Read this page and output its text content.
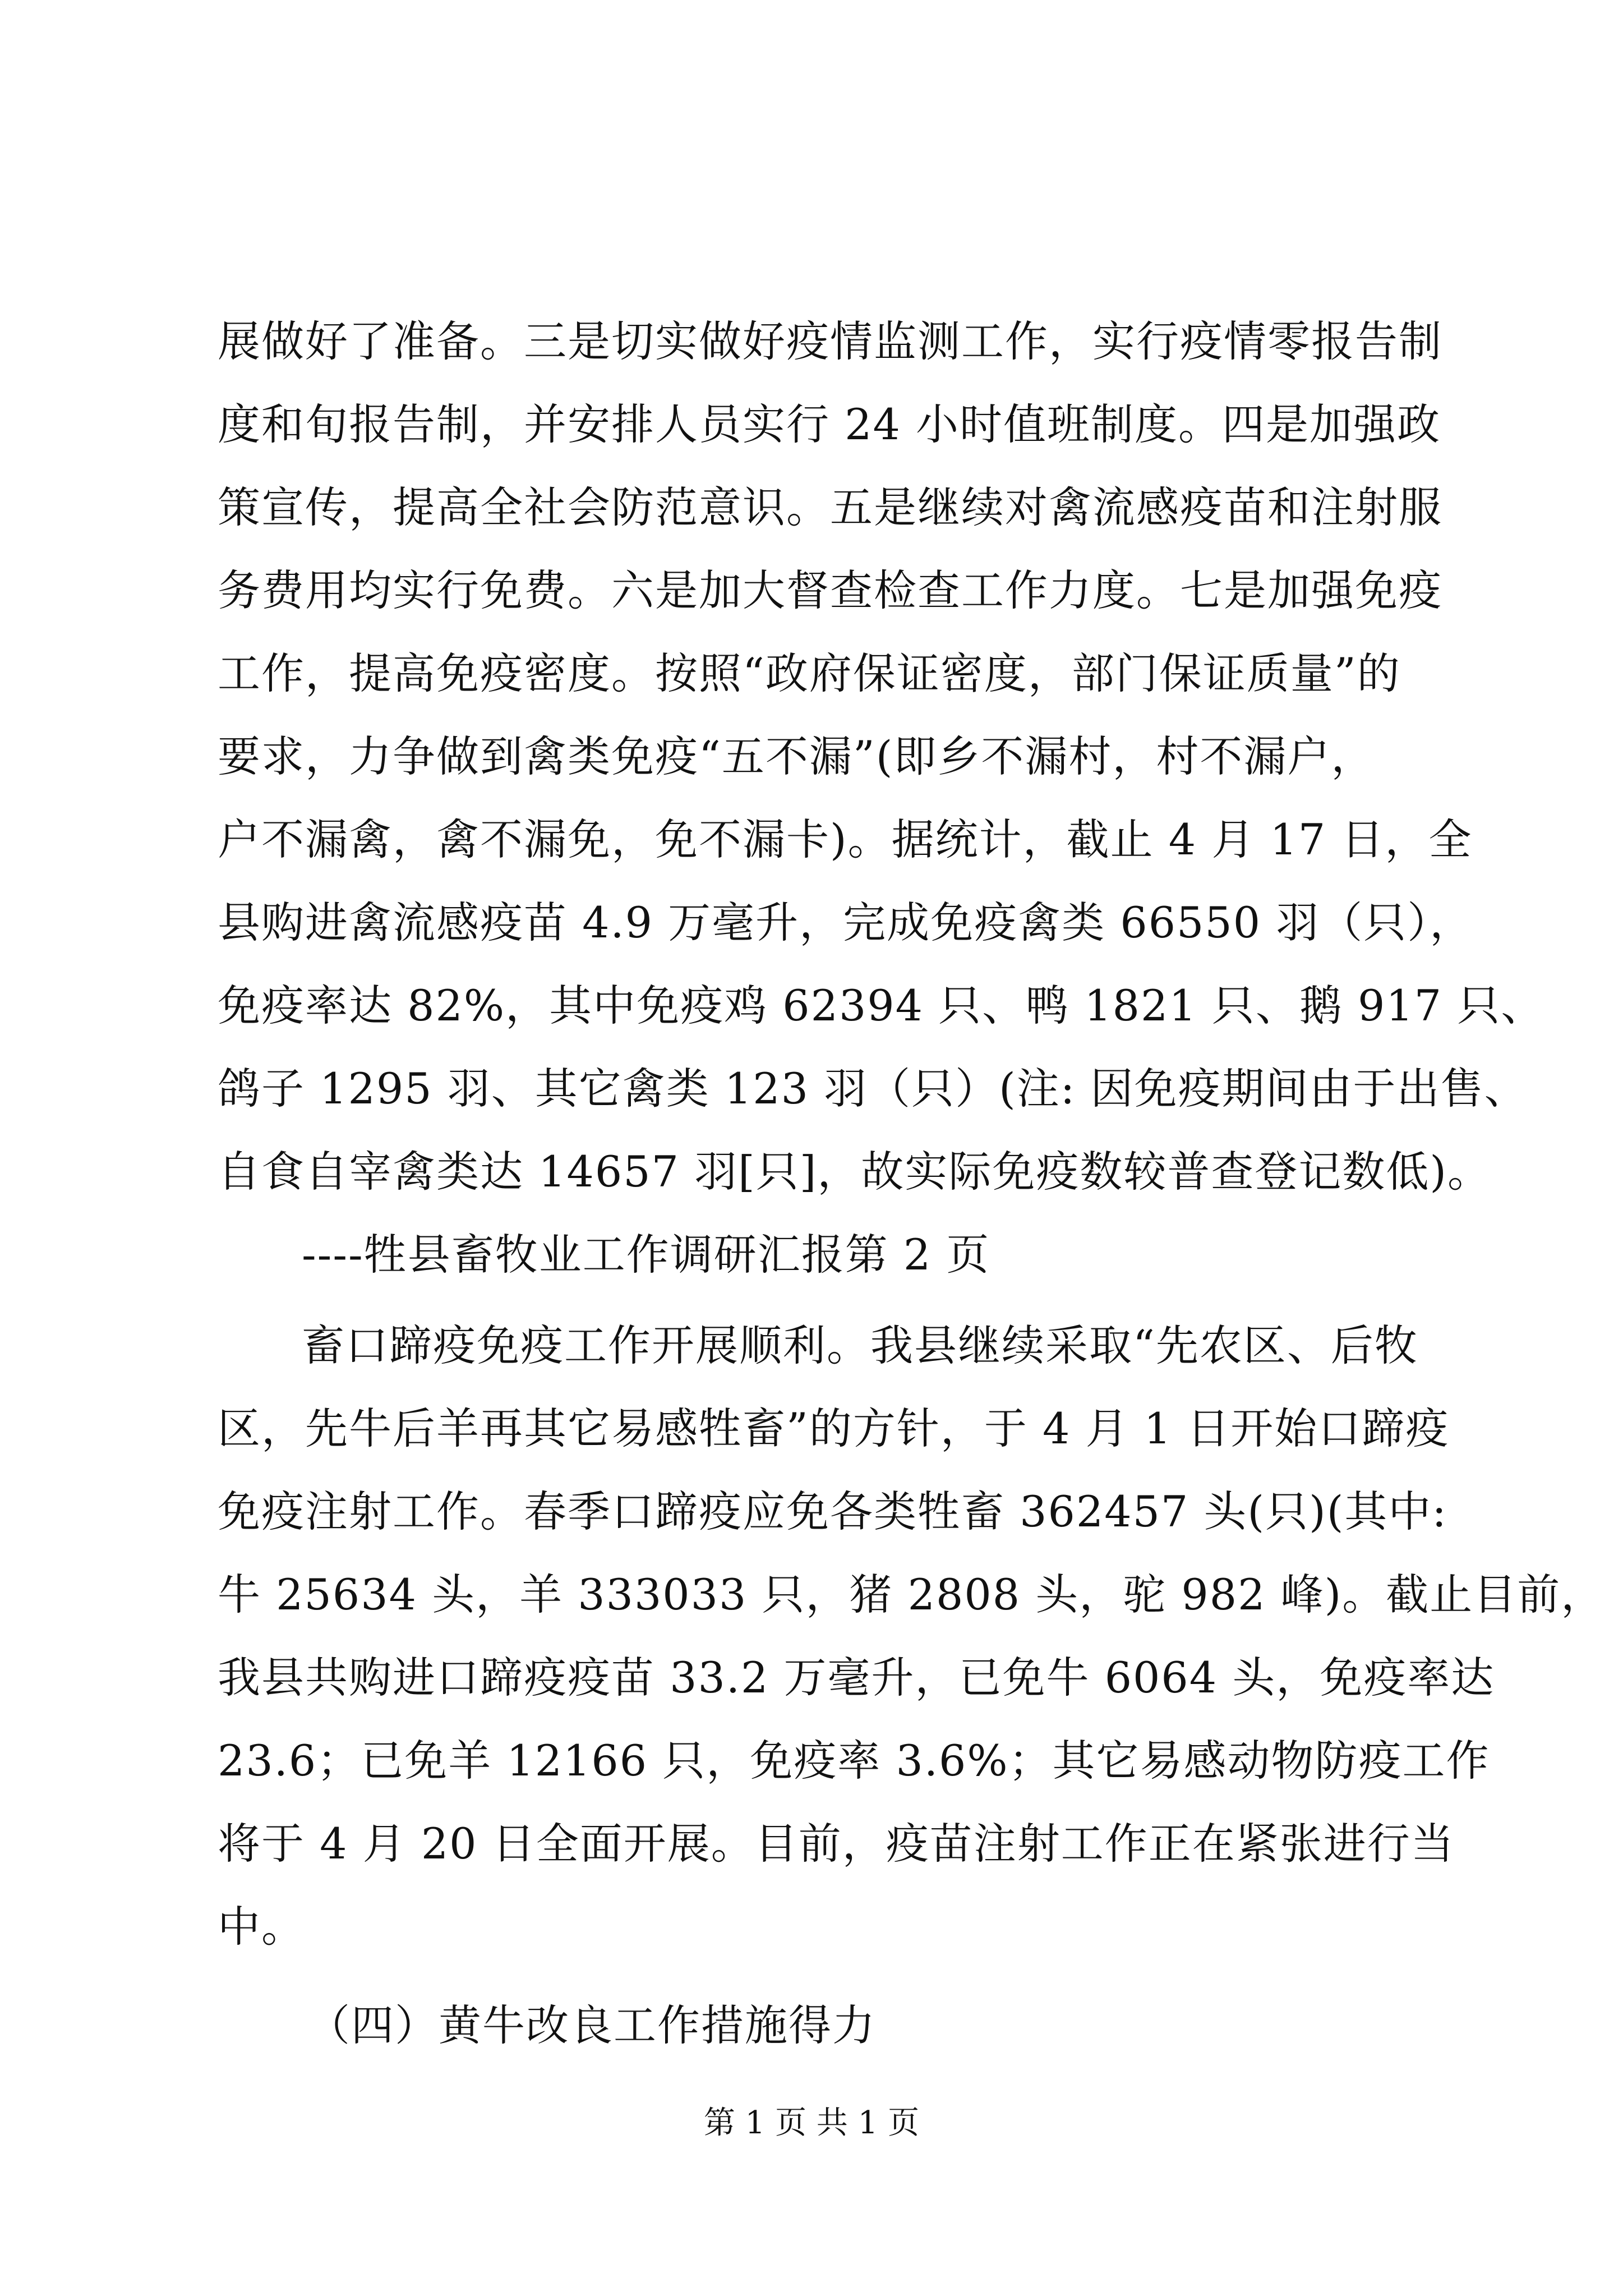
展做好了准备。三是切实做好疫情监测工作，实行疫情零报告制
度和旬报告制，并安排人员实行 24 小时值班制度。四是加强政
策宣传，提高全社会防范意识。五是继续对禽流感疫苗和注射服
务费用均实行免费。六是加大督查检查工作力度。七是加强免疫
工作，提高免疫密度。按照“政府保证密度，部门保证质量”的
要求，力争做到禽类免疫“五不漏”(即乡不漏村，村不漏户，
户不漏禽，禽不漏免，免不漏卡)。据统计，截止 4 月 17 日，全
县购进禽流感疫苗 4.9 万毫升，完成免疫禽类 66550 羽（只），
免疫率达 82%，其中免疫鸡 62394 只、鸭 1821 只、鹅 917 只、
鸽子 1295 羽、其它禽类 123 羽（只）(注: 因免疫期间由于出售、
自食自宰禽类达 14657 羽[只]，故实际免疫数较普查登记数低)。
----牲县畜牧业工作调研汇报第 2 页
畜口蹄疫免疫工作开展顺利。我县继续采取“先农区、后牧
区，先牛后羊再其它易感牲畜”的方针，于 4 月 1 日开始口蹄疫
免疫注射工作。春季口蹄疫应免各类牲畜 362457 头(只)(其中:
牛 25634 头，羊 333033 只，猪 2808 头，驼 982 峰)。截止目前，
我县共购进口蹄疫疫苗 33.2 万毫升，已免牛 6064 头，免疫率达
23.6；已免羊 12166 只，免疫率 3.6%；其它易感动物防疫工作
将于 4 月 20 日全面开展。目前，疫苗注射工作正在紧张进行当
中。
（四）黄牛改良工作措施得力
第 1 页 共 1 页
